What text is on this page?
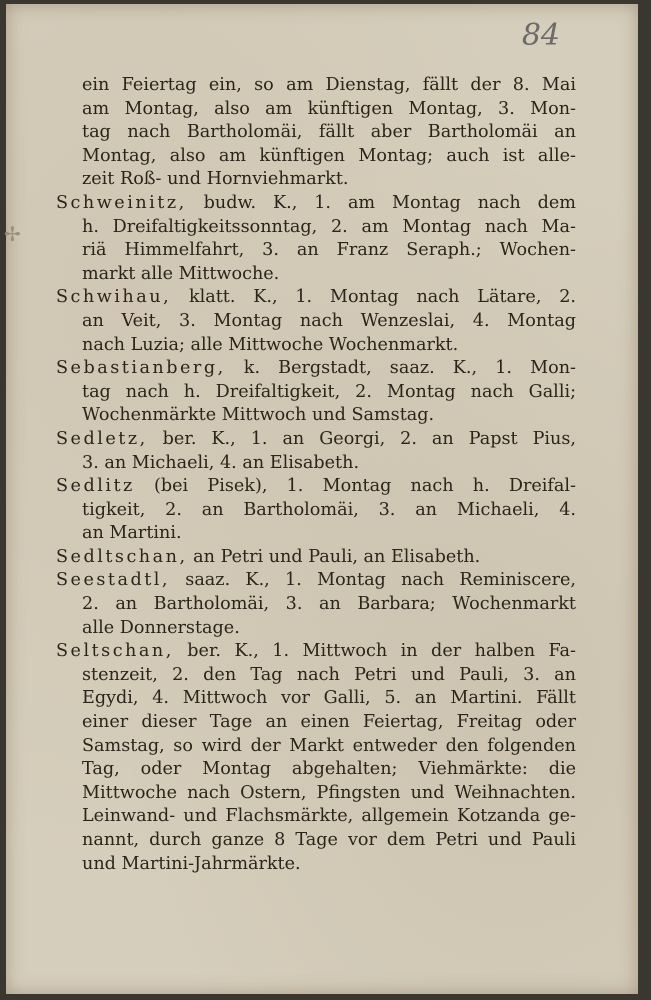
84
✢
ein Feiertag ein, so am Dienstag, fällt der 8. Mai
am Montag, also am künftigen Montag, 3. Mon-
tag nach Bartholomäi, fällt aber Bartholomäi an
Montag, also am künftigen Montag; auch ist alle-
zeit Roß- und Hornviehmarkt.
Schweinitz, budw. K., 1. am Montag nach dem
h. Dreifaltigkeitssonntag, 2. am Montag nach Ma-
riä Himmelfahrt, 3. an Franz Seraph.; Wochen-
markt alle Mittwoche.
Schwihau, klatt. K., 1. Montag nach Lätare, 2.
an Veit, 3. Montag nach Wenzeslai, 4. Montag
nach Luzia; alle Mittwoche Wochenmarkt.
Sebastianberg, k. Bergstadt, saaz. K., 1. Mon-
tag nach h. Dreifaltigkeit, 2. Montag nach Galli;
Wochenmärkte Mittwoch und Samstag.
Sedletz, ber. K., 1. an Georgi, 2. an Papst Pius,
3. an Michaeli, 4. an Elisabeth.
Sedlitz (bei Pisek), 1. Montag nach h. Dreifal-
tigkeit, 2. an Bartholomäi, 3. an Michaeli, 4.
an Martini.
Sedltschan, an Petri und Pauli, an Elisabeth.
Seestadtl, saaz. K., 1. Montag nach Reminiscere,
2. an Bartholomäi, 3. an Barbara; Wochenmarkt
alle Donnerstage.
Seltschan, ber. K., 1. Mittwoch in der halben Fa-
stenzeit, 2. den Tag nach Petri und Pauli, 3. an
Egydi, 4. Mittwoch vor Galli, 5. an Martini. Fällt
einer dieser Tage an einen Feiertag, Freitag oder
Samstag, so wird der Markt entweder den folgenden
Tag, oder Montag abgehalten; Viehmärkte: die
Mittwoche nach Ostern, Pfingsten und Weihnachten.
Leinwand- und Flachsmärkte, allgemein Kotzanda ge-
nannt, durch ganze 8 Tage vor dem Petri und Pauli
und Martini-Jahrmärkte.
